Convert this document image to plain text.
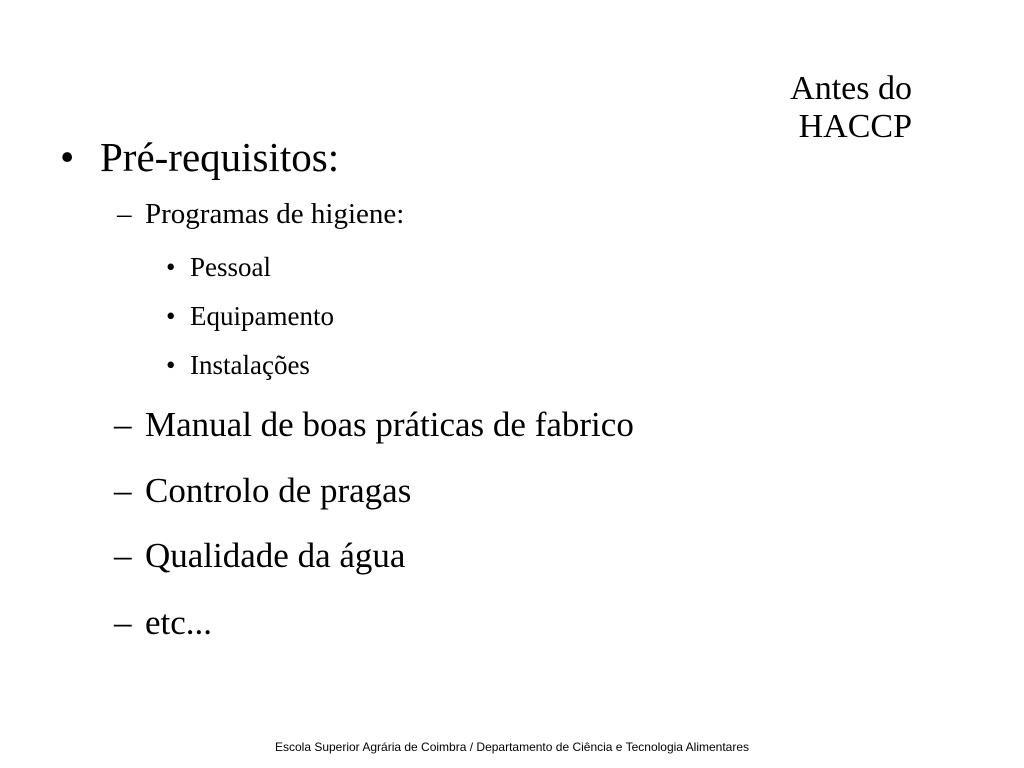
Antes do
HACCP
• Pré-requisitos:
– Programas de higiene:
• Pessoal
• Equipamento
• Instalações
– Manual de boas práticas de fabrico
– Controlo de pragas
– Qualidade da água
– etc...
Escola Superior Agrária de Coimbra / Departamento de Ciência e Tecnologia Alimentares
